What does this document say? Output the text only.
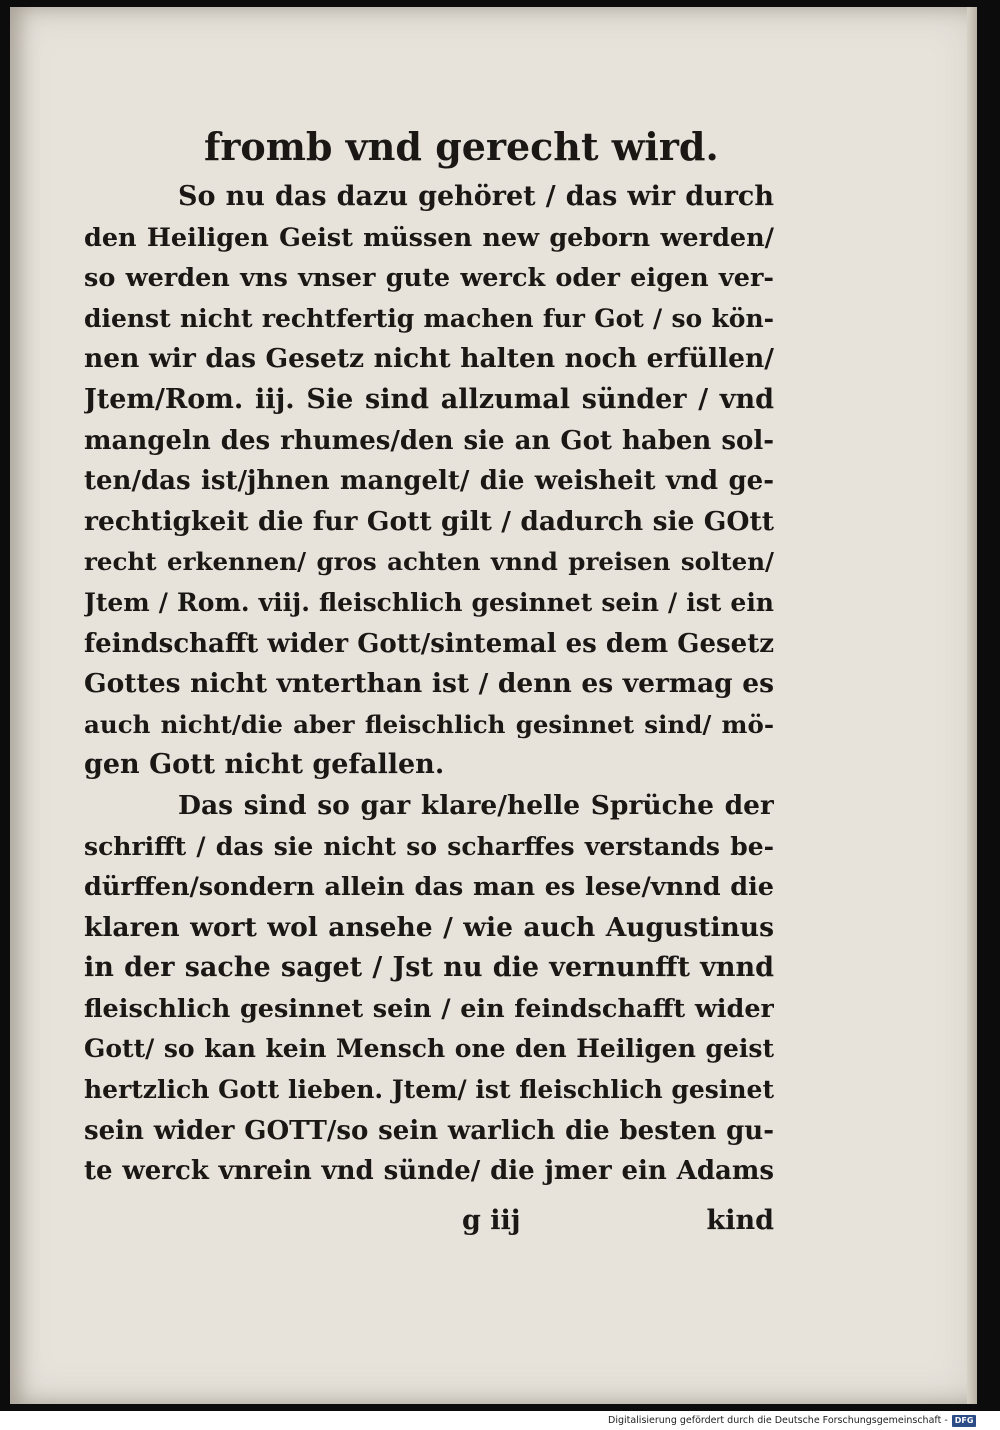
fromb vnd gerecht wird.
So nu das dazu gehöret / das wir durch
den Heiligen Geist müssen new geborn werden/
so werden vns vnser gute werck oder eigen ver-
dienst nicht rechtfertig machen fur Got / so kön-
nen wir das Gesetz nicht halten noch erfüllen/
Jtem/Rom. iij. Sie sind allzumal sünder / vnd
mangeln des rhumes/den sie an Got haben sol-
ten/das ist/jhnen mangelt/ die weisheit vnd ge-
rechtigkeit die fur Gott gilt / dadurch sie GOtt
recht erkennen/ gros achten vnnd preisen solten/
Jtem / Rom. viij. fleischlich gesinnet sein / ist ein
feindschafft wider Gott/sintemal es dem Gesetz
Gottes nicht vnterthan ist / denn es vermag es
auch nicht/die aber fleischlich gesinnet sind/ mö-
gen Gott nicht gefallen.
Das sind so gar klare/helle Sprüche der
schrifft / das sie nicht so scharffes verstands be-
dürffen/sondern allein das man es lese/vnnd die
klaren wort wol ansehe / wie auch Augustinus
in der sache saget / Jst nu die vernunfft vnnd
fleischlich gesinnet sein / ein feindschafft wider
Gott/ so kan kein Mensch one den Heiligen geist
hertzlich Gott lieben. Jtem/ ist fleischlich gesinet
sein wider GOTT/so sein warlich die besten gu-
te werck vnrein vnd sünde/ die jmer ein Adams
g iij	kind
Digitalisierung gefördert durch die Deutsche Forschungsgemeinschaft - DFG
